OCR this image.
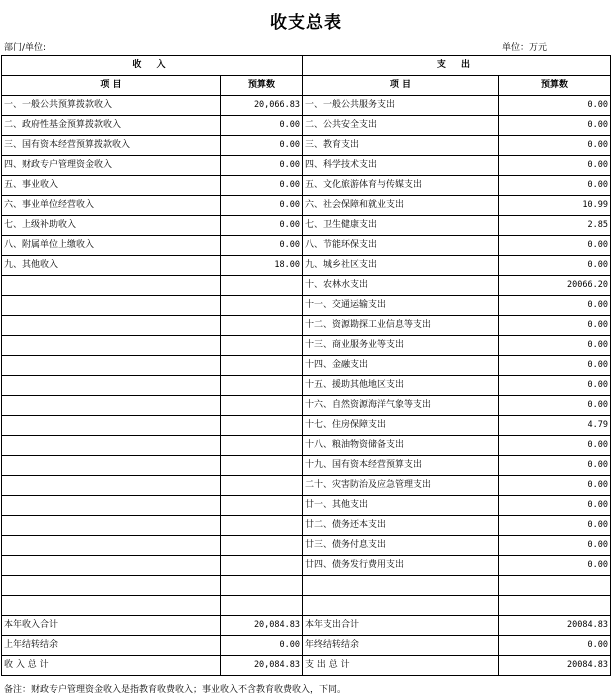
收支总表
部门/单位:	单位：万元
收 入		支 出	
项 目	预算数	项 目	预算数
一、一般公共预算拨款收入	20,066.83	一、一般公共服务支出	0.00
二、政府性基金预算拨款收入	0.00	二、公共安全支出	0.00
三、国有资本经营预算拨款收入	0.00	三、教育支出	0.00
四、财政专户管理资金收入	0.00	四、科学技术支出	0.00
五、事业收入	0.00	五、文化旅游体育与传媒支出	0.00
六、事业单位经营收入	0.00	六、社会保障和就业支出	10.99
七、上级补助收入	0.00	七、卫生健康支出	2.85
八、附属单位上缴收入	0.00	八、节能环保支出	0.00
九、其他收入	18.00	九、城乡社区支出	0.00
		十、农林水支出	20066.20
		十一、交通运输支出	0.00
		十二、资源勘探工业信息等支出	0.00
		十三、商业服务业等支出	0.00
		十四、金融支出	0.00
		十五、援助其他地区支出	0.00
		十六、自然资源海洋气象等支出	0.00
		十七、住房保障支出	4.79
		十八、粮油物资储备支出	0.00
		十九、国有资本经营预算支出	0.00
		二十、灾害防治及应急管理支出	0.00
		廿一、其他支出	0.00
		廿二、债务还本支出	0.00
		廿三、债务付息支出	0.00
		廿四、债务发行费用支出	0.00

本年收入合计	20,084.83	本年支出合计	20084.83
上年结转结余	0.00	年终结转结余	0.00
收 入 总 计	20,084.83	支 出 总 计	20084.83
备注：财政专户管理资金收入是指教育收费收入；事业收入不含教育收费收入，下同。
